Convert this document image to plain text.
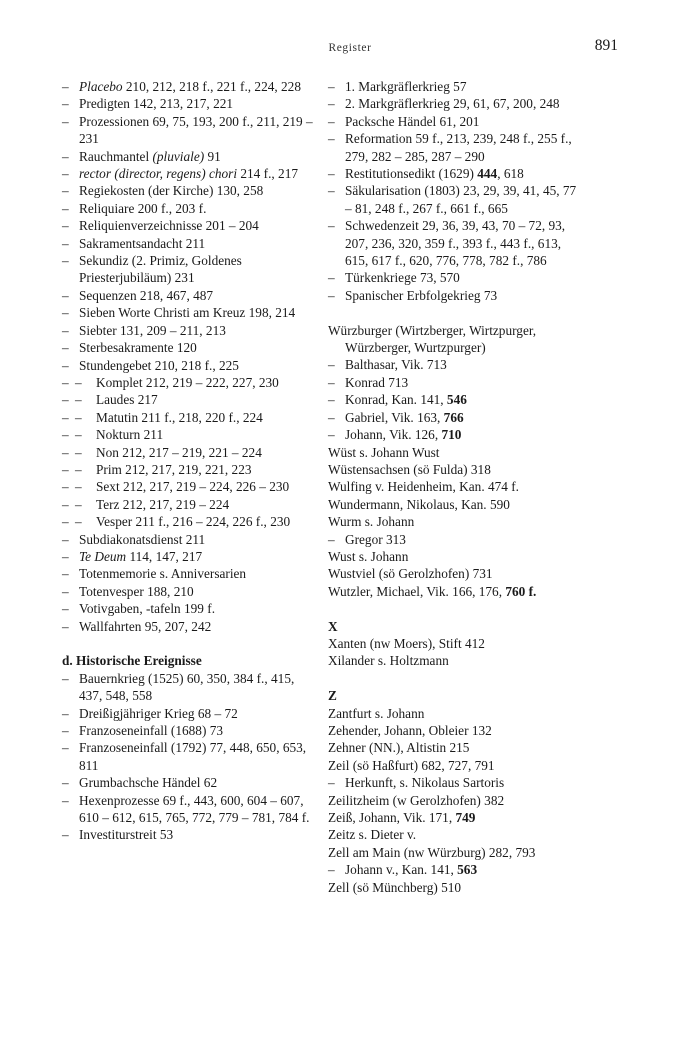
Register	891
– Placebo 210, 212, 218 f., 221 f., 224, 228
– Predigten 142, 213, 217, 221
– Prozessionen 69, 75, 193, 200 f., 211, 219 – 231
– Rauchmantel (pluviale) 91
– rector (director, regens) chori 214 f., 217
– Regiekosten (der Kirche) 130, 258
– Reliquiare 200 f., 203 f.
– Reliquienverzeichnisse 201 – 204
– Sakramentsandacht 211
– Sekundiz (2. Primiz, Goldenes Priesterjubiläum) 231
– Sequenzen 218, 467, 487
– Sieben Worte Christi am Kreuz 198, 214
– Siebter 131, 209 – 211, 213
– Sterbesakramente 120
– Stundengebet 210, 218 f., 225
– – Komplet 212, 219 – 222, 227, 230
– – Laudes 217
– – Matutin 211 f., 218, 220 f., 224
– – Nokturn 211
– – Non 212, 217 – 219, 221 – 224
– – Prim 212, 217, 219, 221, 223
– – Sext 212, 217, 219 – 224, 226 – 230
– – Terz 212, 217, 219 – 224
– – Vesper 211 f., 216 – 224, 226 f., 230
– Subdiakonatsdienst 211
– Te Deum 114, 147, 217
– Totenmemorie s. Anniversarien
– Totenvesper 188, 210
– Votivgaben, -tafeln 199 f.
– Wallfahrten 95, 207, 242
d. Historische Ereignisse
– Bauernkrieg (1525) 60, 350, 384 f., 415, 437, 548, 558
– Dreißigjähriger Krieg 68 – 72
– Franzoseneinfall (1688) 73
– Franzoseneinfall (1792) 77, 448, 650, 653, 811
– Grumbachsche Händel 62
– Hexenprozesse 69 f., 443, 600, 604 – 607, 610 – 612, 615, 765, 772, 779 – 781, 784 f.
– Investiturstreit 53
– 1. Markgräflerkrieg 57
– 2. Markgräflerkrieg 29, 61, 67, 200, 248
– Packsche Händel 61, 201
– Reformation 59 f., 213, 239, 248 f., 255 f., 279, 282 – 285, 287 – 290
– Restitutionsedikt (1629) 444, 618
– Säkularisation (1803) 23, 29, 39, 41, 45, 77 – 81, 248 f., 267 f., 661 f., 665
– Schwedenzeit 29, 36, 39, 43, 70 – 72, 93, 207, 236, 320, 359 f., 393 f., 443 f., 613, 615, 617 f., 620, 776, 778, 782 f., 786
– Türkenkriege 73, 570
– Spanischer Erbfolgekrieg 73
Würzburger (Wirtzberger, Wirtzpurger, Würzberger, Wurtzpurger)
– Balthasar, Vik. 713
– Konrad 713
– Konrad, Kan. 141, 546
– Gabriel, Vik. 163, 766
– Johann, Vik. 126, 710
Wüst s. Johann Wust
Wüstensachsen (sö Fulda) 318
Wulfing v. Heidenheim, Kan. 474 f.
Wundermann, Nikolaus, Kan. 590
Wurm s. Johann
– Gregor 313
Wust s. Johann
Wustviel (sö Gerolzhofen) 731
Wutzler, Michael, Vik. 166, 176, 760 f.
X
Xanten (nw Moers), Stift 412
Xilander s. Holtzmann
Z
Zantfurt s. Johann
Zehender, Johann, Obleier 132
Zehner (NN.), Altistin 215
Zeil (sö Haßfurt) 682, 727, 791
– Herkunft, s. Nikolaus Sartoris
Zeilitzheim (w Gerolzhofen) 382
Zeiß, Johann, Vik. 171, 749
Zeitz s. Dieter v.
Zell am Main (nw Würzburg) 282, 793
– Johann v., Kan. 141, 563
Zell (sö Münchberg) 510
